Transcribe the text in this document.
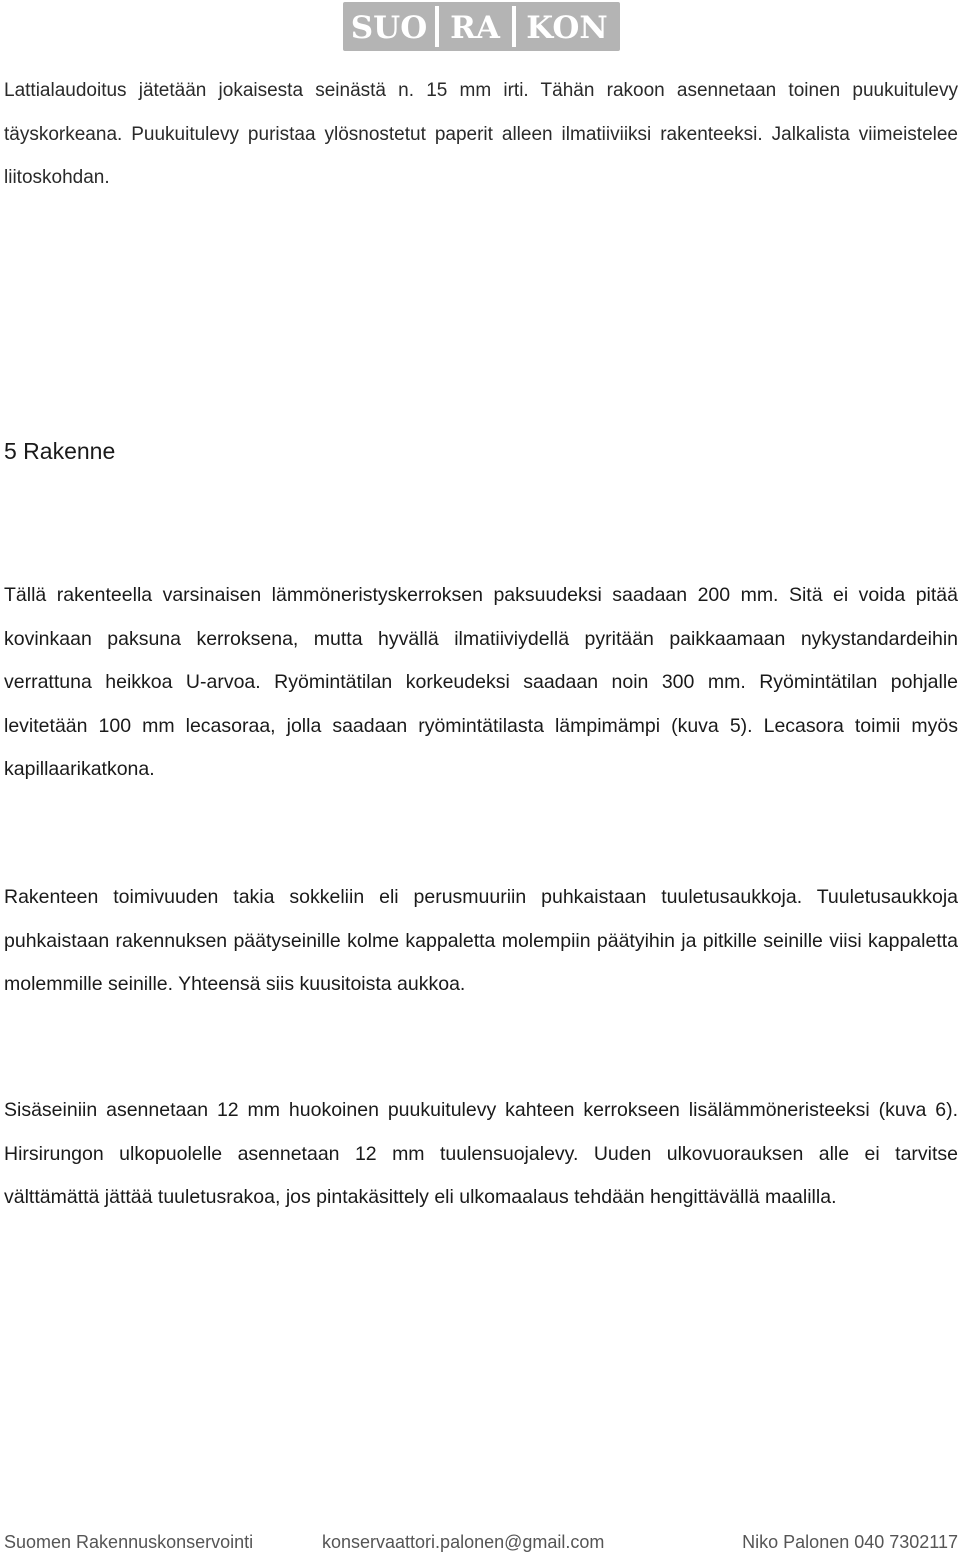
SUO RA KON

Lattialaudoitus jätetään jokaisesta seinästä n. 15 mm irti. Tähän rakoon asennetaan toinen puukuitulevy täyskorkeana. Puukuitulevy puristaa ylösnostetut paperit alleen ilmatiiviiksi rakenteeksi. Jalkalista viimeistelee liitoskohdan.

5 Rakenne

Tällä rakenteella varsinaisen lämmöneristyskerroksen paksuudeksi saadaan 200 mm. Sitä ei voida pitää kovinkaan paksuna kerroksena, mutta hyvällä ilmatiiviydellä pyritään paikkaamaan nykystandardeihin verrattuna heikkoa U-arvoa. Ryömintätilan korkeudeksi saadaan noin 300 mm. Ryömintätilan pohjalle levitetään 100 mm lecasoraa, jolla saadaan ryömintätilasta lämpimämpi (kuva 5). Lecasora toimii myös kapillaarikatkona.

Rakenteen toimivuuden takia sokkeliin eli perusmuuriin puhkaistaan tuuletusaukkoja. Tuuletusaukkoja puhkaistaan rakennuksen päätyseinille kolme kappaletta molempiin päätyihin ja pitkille seinille viisi kappaletta molemmille seinille. Yhteensä siis kuusitoista aukkoa.

Sisäseiniin asennetaan 12 mm huokoinen puukuitulevy kahteen kerrokseen lisälämmöneristeeksi (kuva 6). Hirsirungon ulkopuolelle asennetaan 12 mm tuulensuojalevy. Uuden ulkovuorauksen alle ei tarvitse välttämättä jättää tuuletusrakoa, jos pintakäsittely eli ulkomaalaus tehdään hengittävällä maalilla.

Suomen Rakennuskonservointi	konservaattori.palonen@gmail.com	Niko Palonen 040 7302117
